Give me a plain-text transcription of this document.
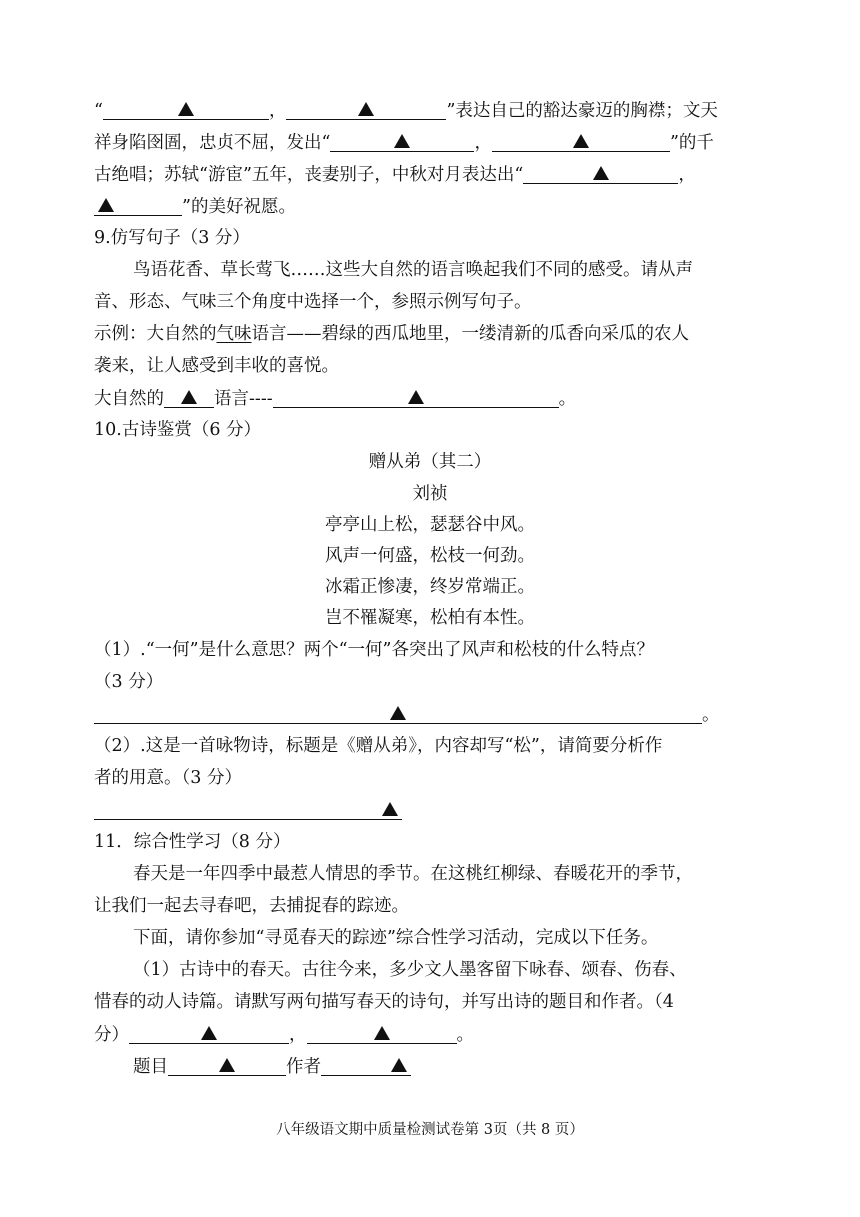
“	，	”表达自己的豁达豪迈的胸襟；文天
祥身陷囹圄，忠贞不屈，发出“	，	”的千
古绝唱；苏轼“游宦”五年，丧妻别子，中秋对月表达出“	，
”的美好祝愿。
9.仿写句子（3 分）
鸟语花香、草长莺飞……这些大自然的语言唤起我们不同的感受。请从声
音、形态、气味三个角度中选择一个，参照示例写句子。
示例：大自然的气味语言——碧绿的西瓜地里，一缕清新的瓜香向采瓜的农人
袭来，让人感受到丰收的喜悦。
大自然的	语言----	。
10.古诗鉴赏（6 分）
赠从弟（其二）
刘祯
亭亭山上松，瑟瑟谷中风。
风声一何盛，松枝一何劲。
冰霜正惨凄，终岁常端正。
岂不罹凝寒，松柏有本性。
（1）.“一何”是什么意思？两个“一何”各突出了风声和松枝的什么特点？
（3 分）
。
（2）.这是一首咏物诗，标题是《赠从弟》，内容却写“松”，请简要分析作
者的用意。（3 分）
11．综合性学习（8 分）
春天是一年四季中最惹人情思的季节。在这桃红柳绿、春暖花开的季节，
让我们一起去寻春吧，去捕捉春的踪迹。
下面，请你参加“寻觅春天的踪迹”综合性学习活动，完成以下任务。
（1）古诗中的春天。古往今来，多少文人墨客留下咏春、颂春、伤春、
惜春的动人诗篇。请默写两句描写春天的诗句，并写出诗的题目和作者。（4
分）	，	。
题目	作者
八年级语文期中质量检测试卷第 3页（共 8 页）
